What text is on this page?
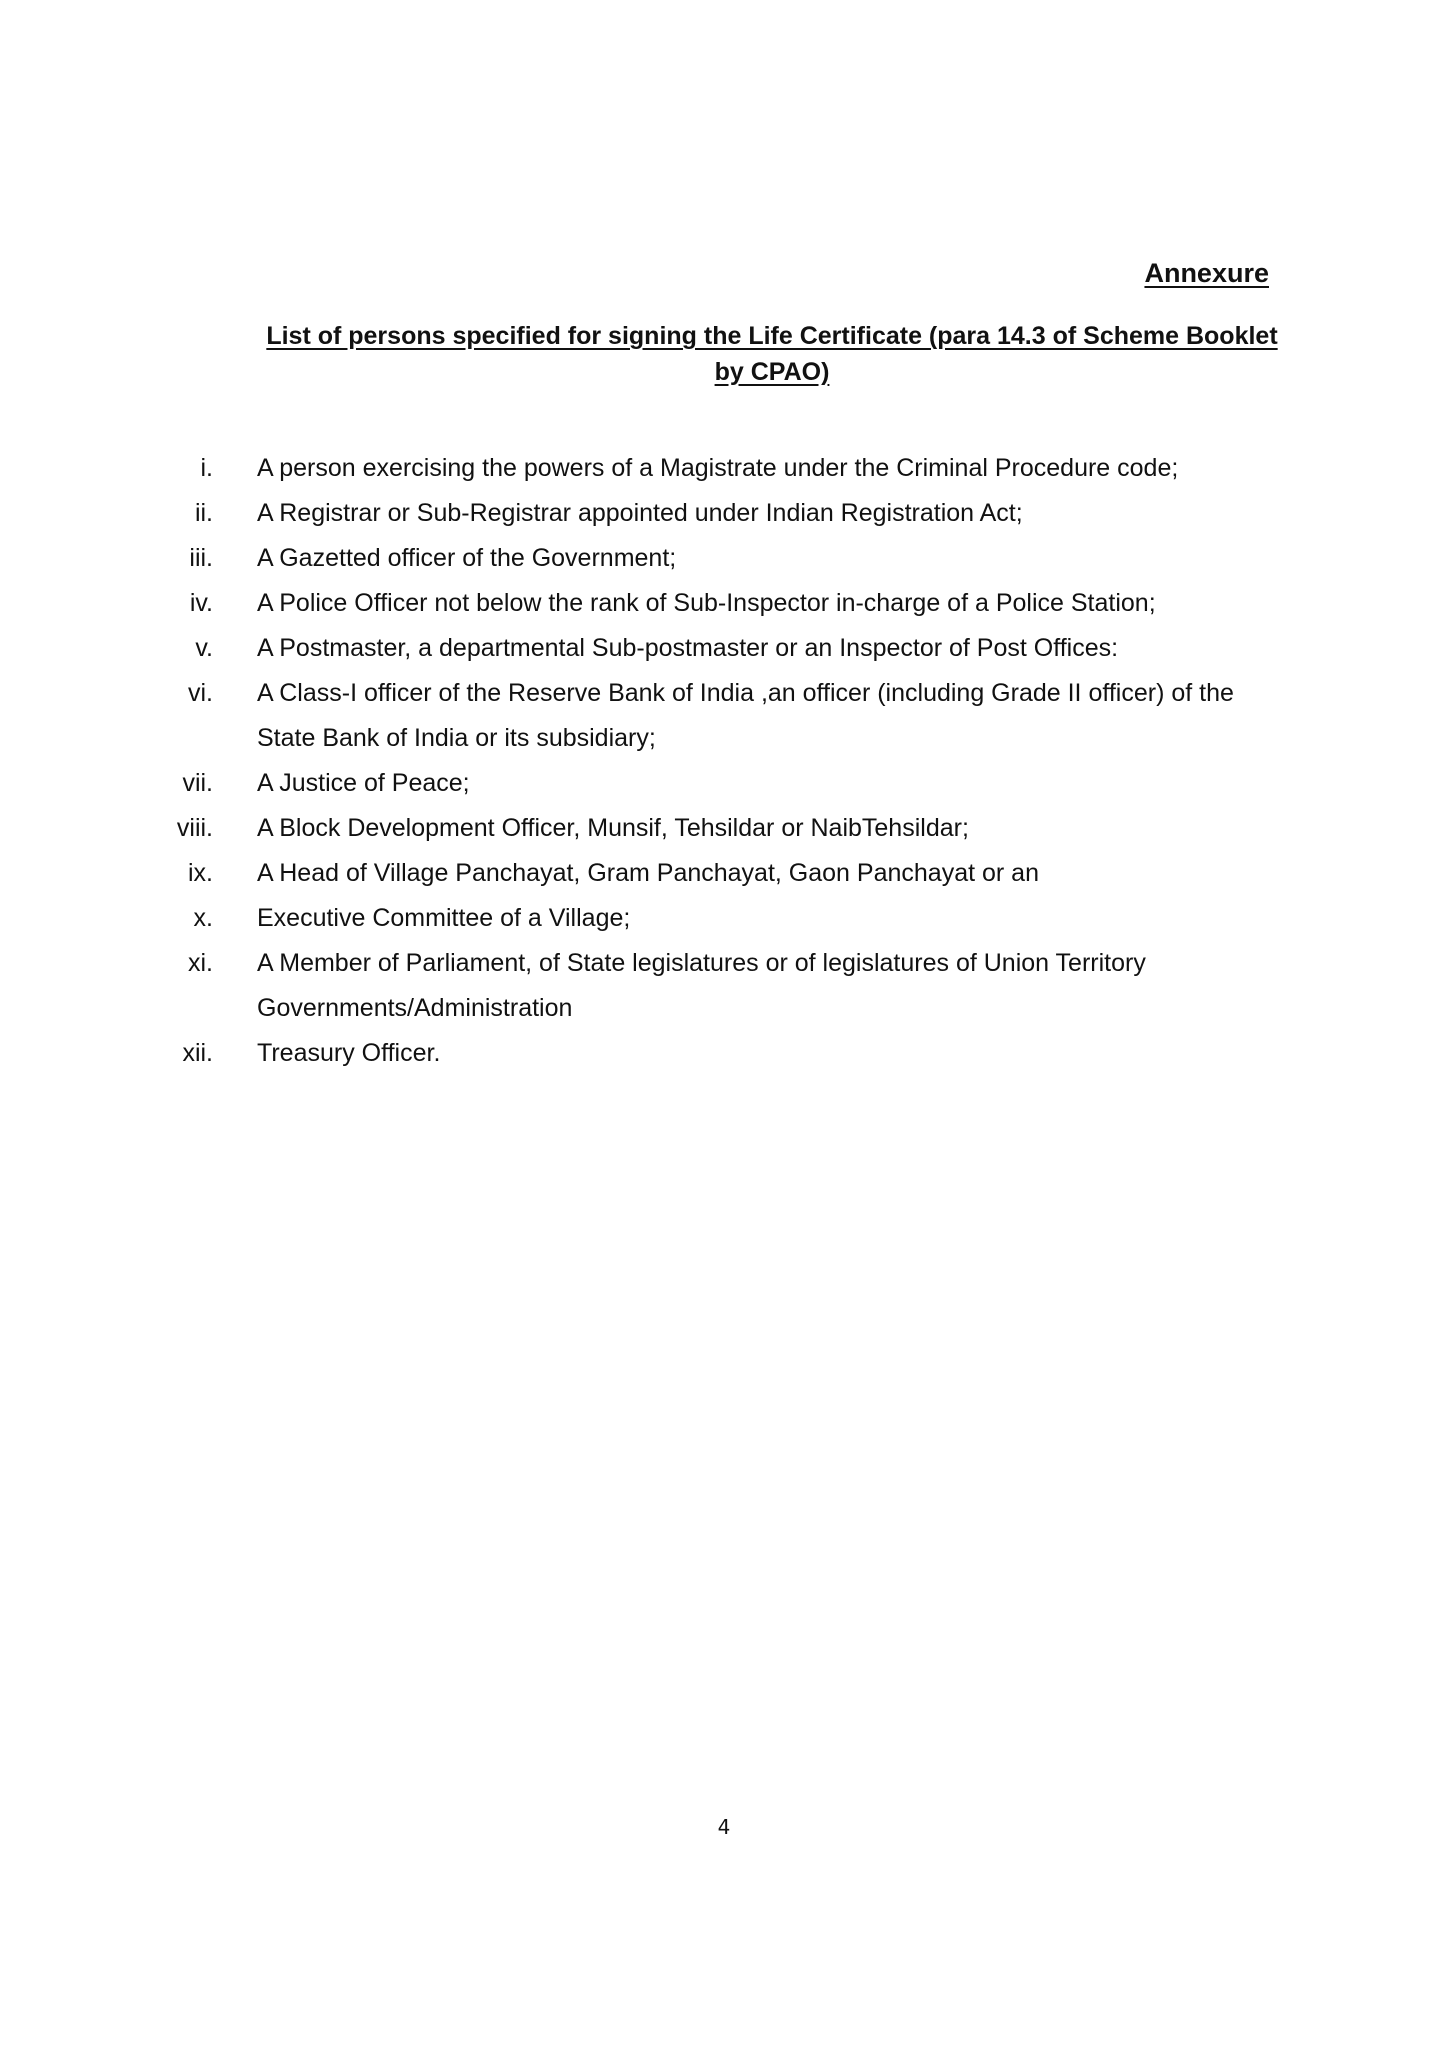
Annexure
List of persons specified for signing the Life Certificate (para 14.3 of Scheme Booklet by CPAO)
i. A person exercising the powers of a Magistrate under the Criminal Procedure code;
ii. A Registrar or Sub-Registrar appointed under Indian Registration Act;
iii. A Gazetted officer of the Government;
iv. A Police Officer not below the rank of Sub-Inspector in-charge of a Police Station;
v. A Postmaster, a departmental Sub-postmaster or an Inspector of Post Offices:
vi. A Class-I officer of the Reserve Bank of India ,an officer (including Grade II officer) of the State Bank of India or its subsidiary;
vii. A Justice of Peace;
viii. A Block Development Officer, Munsif, Tehsildar or NaibTehsildar;
ix. A Head of Village Panchayat, Gram Panchayat, Gaon Panchayat or an
x. Executive Committee of a Village;
xi. A Member of Parliament, of State legislatures or of legislatures of Union Territory Governments/Administration
xii. Treasury Officer.
4
